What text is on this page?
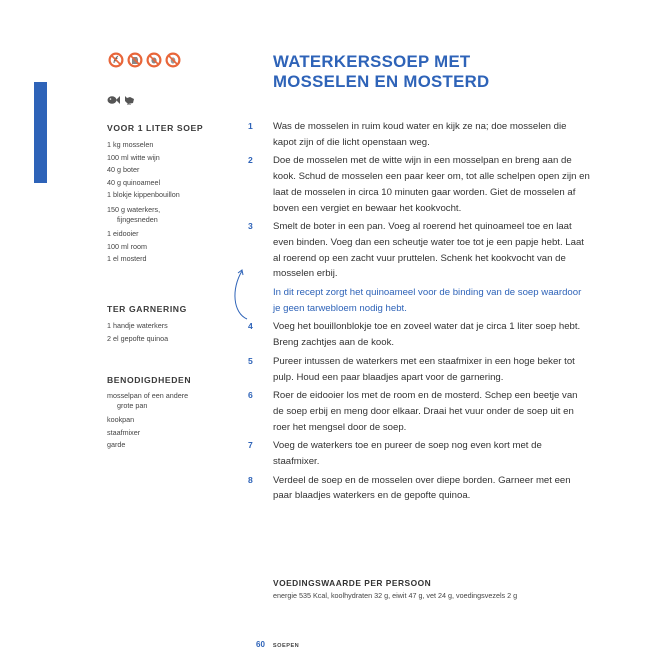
VOOR 1 LITER SOEP
1 kg mosselen
100 ml witte wijn
40 g boter
40 g quinoameel
1 blokje kippenbouillon
150 g waterkers,
fijngesneden
1 eidooier
100 ml room
1 el mosterd
TER GARNERING
1 handje waterkers
2 el gepofte quinoa
BENODIGDHEDEN
mosselpan of een andere
grote pan
kookpan
staafmixer
garde
WATERKERSSOEP MET
MOSSELEN EN MOSTERD
1 Was de mosselen in ruim koud water en kijk ze na; doe mosselen die kapot zijn of die licht openstaan weg.
2 Doe de mosselen met de witte wijn in een mosselpan en breng aan de kook. Schud de mosselen een paar keer om, tot alle schelpen open zijn en laat de mosselen in circa 10 minuten gaar worden. Giet de mosselen af boven een vergiet en bewaar het kookvocht.
3 Smelt de boter in een pan. Voeg al roerend het quinoameel toe en laat even binden. Voeg dan een scheutje water toe tot je een papje hebt. Laat al roerend op een zacht vuur pruttelen. Schenk het kookvocht van de mosselen erbij.
In dit recept zorgt het quinoameel voor de binding van de soep waardoor je geen tarwebloem nodig hebt.
4 Voeg het bouillonblokje toe en zoveel water dat je circa 1 liter soep hebt. Breng zachtjes aan de kook.
5 Pureer intussen de waterkers met een staafmixer in een hoge beker tot pulp. Houd een paar blaadjes apart voor de garnering.
6 Roer de eidooier los met de room en de mosterd. Schep een beetje van de soep erbij en meng door elkaar. Draai het vuur onder de soep uit en roer het mengsel door de soep.
7 Voeg de waterkers toe en pureer de soep nog even kort met de staafmixer.
8 Verdeel de soep en de mosselen over diepe borden. Garneer met een paar blaadjes waterkers en de gepofte quinoa.
VOEDINGSWAARDE PER PERSOON
energie 535 Kcal, koolhydraten 32 g, eiwit 47 g, vet 24 g, voedingsvezels 2 g
60 SOEPEN
